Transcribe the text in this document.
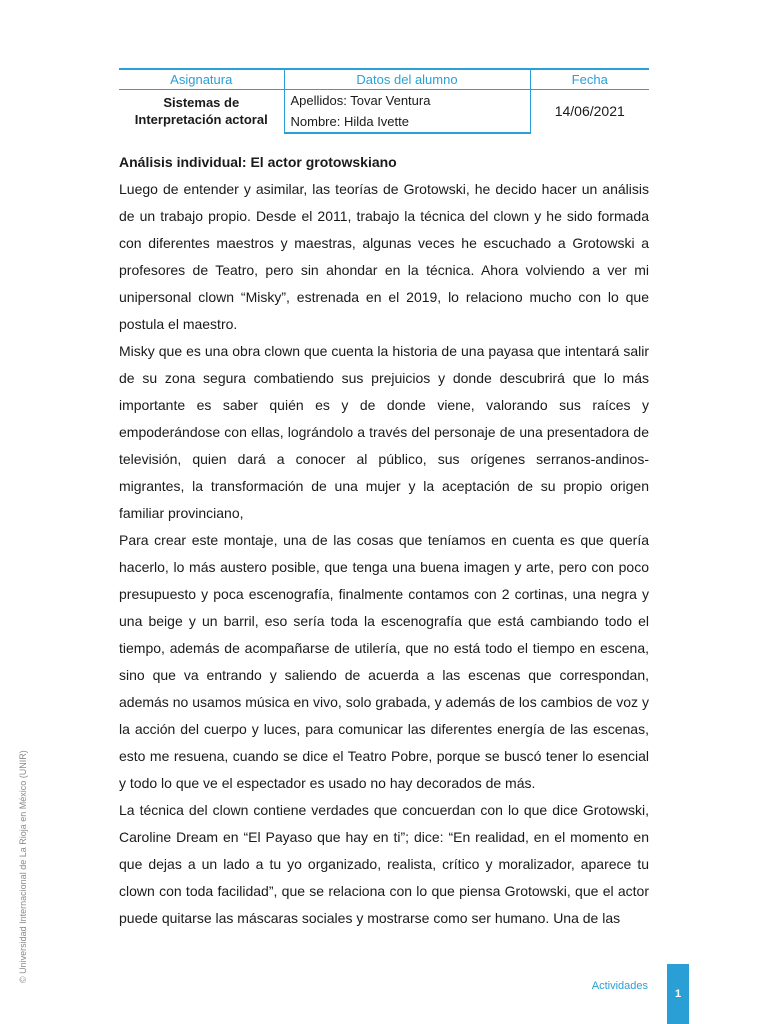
Asignatura	Datos del alumno	Fecha

Sistemas de
Interpretación actoral	Apellidos: Tovar Ventura	14/06/2021
	Nombre: Hilda Ivette	
Análisis individual: El actor grotowskiano

Luego de entender y asimilar, las teorías de Grotowski, he decido hacer un análisis de un trabajo propio. Desde el 2011, trabajo la técnica del clown y he sido formada con diferentes maestros y maestras, algunas veces he escuchado a Grotowski a profesores de Teatro, pero sin ahondar en la técnica. Ahora volviendo a ver mi unipersonal clown “Misky”, estrenada en el 2019, lo relaciono mucho con lo que postula el maestro.

Misky que es una obra clown que cuenta la historia de una payasa que intentará salir de su zona segura combatiendo sus prejuicios y donde descubrirá que lo más importante es saber quién es y de donde viene, valorando sus raíces y empoderándose con ellas, lográndolo a través del personaje de una presentadora de televisión, quien dará a conocer al público, sus orígenes serranos-andinos-migrantes, la transformación de una mujer y la aceptación de su propio origen familiar provinciano,

Para crear este montaje, una de las cosas que teníamos en cuenta es que quería hacerlo, lo más austero posible, que tenga una buena imagen y arte, pero con poco presupuesto y poca escenografía, finalmente contamos con 2 cortinas, una negra y una beige y un barril, eso sería toda la escenografía que está cambiando todo el tiempo, además de acompañarse de utilería, que no está todo el tiempo en escena, sino que va entrando y saliendo de acuerda a las escenas que correspondan, además no usamos música en vivo, solo grabada, y además de los cambios de voz y la acción del cuerpo y luces, para comunicar las diferentes energía de las escenas, esto me resuena, cuando se dice el Teatro Pobre, porque se buscó tener lo esencial y todo lo que ve el espectador es usado no hay decorados de más.

La técnica del clown contiene verdades que concuerdan con lo que dice Grotowski, Caroline Dream en “El Payaso que hay en ti”; dice: “En realidad, en el momento en que dejas a un lado a tu yo organizado, realista, crítico y moralizador, aparece tu clown con toda facilidad”, que se relaciona con lo que piensa Grotowski, que el actor puede quitarse las máscaras sociales y mostrarse como ser humano. Una de las

© Universidad Internacional de La Rioja en México (UNIR)
Actividades
1
